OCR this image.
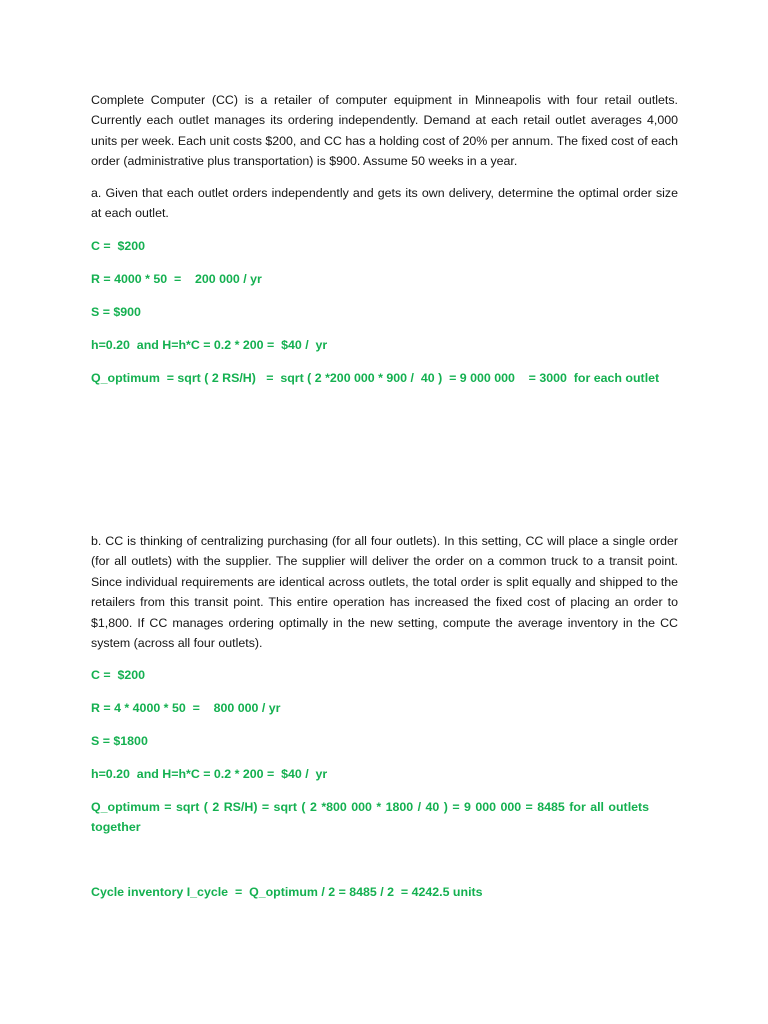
Complete Computer (CC) is a retailer of computer equipment in Minneapolis with four retail outlets. Currently each outlet manages its ordering independently. Demand at each retail outlet averages 4,000 units per week. Each unit costs $200, and CC has a holding cost of 20% per annum. The fixed cost of each order (administrative plus transportation) is $900. Assume 50 weeks in a year.

a. Given that each outlet orders independently and gets its own delivery, determine the optimal order size at each outlet.

C =  $200

R = 4000 * 50  =    200 000 / yr

S = $900

h=0.20  and H=h*C = 0.2 * 200 =  $40 /  yr

Q_optimum  = sqrt ( 2 RS/H)   =  sqrt ( 2 *200 000 * 900 /  40 )  = 9 000 000    = 3000  for each outlet

b. CC is thinking of centralizing purchasing (for all four outlets). In this setting, CC will place a single order (for all outlets) with the supplier. The supplier will deliver the order on a common truck to a transit point. Since individual requirements are identical across outlets, the total order is split equally and shipped to the retailers from this transit point. This entire operation has increased the fixed cost of placing an order to $1,800. If CC manages ordering optimally in the new setting, compute the average inventory in the CC system (across all four outlets).

C =  $200

R = 4 * 4000 * 50  =    800 000 / yr

S = $1800

h=0.20  and H=h*C = 0.2 * 200 =  $40 /  yr

Q_optimum = sqrt ( 2 RS/H) = sqrt ( 2 *800 000 * 1800 / 40 ) = 9 000 000 = 8485 for all outlets together

Cycle inventory I_cycle  =  Q_optimum / 2 = 8485 / 2  = 4242.5 units
